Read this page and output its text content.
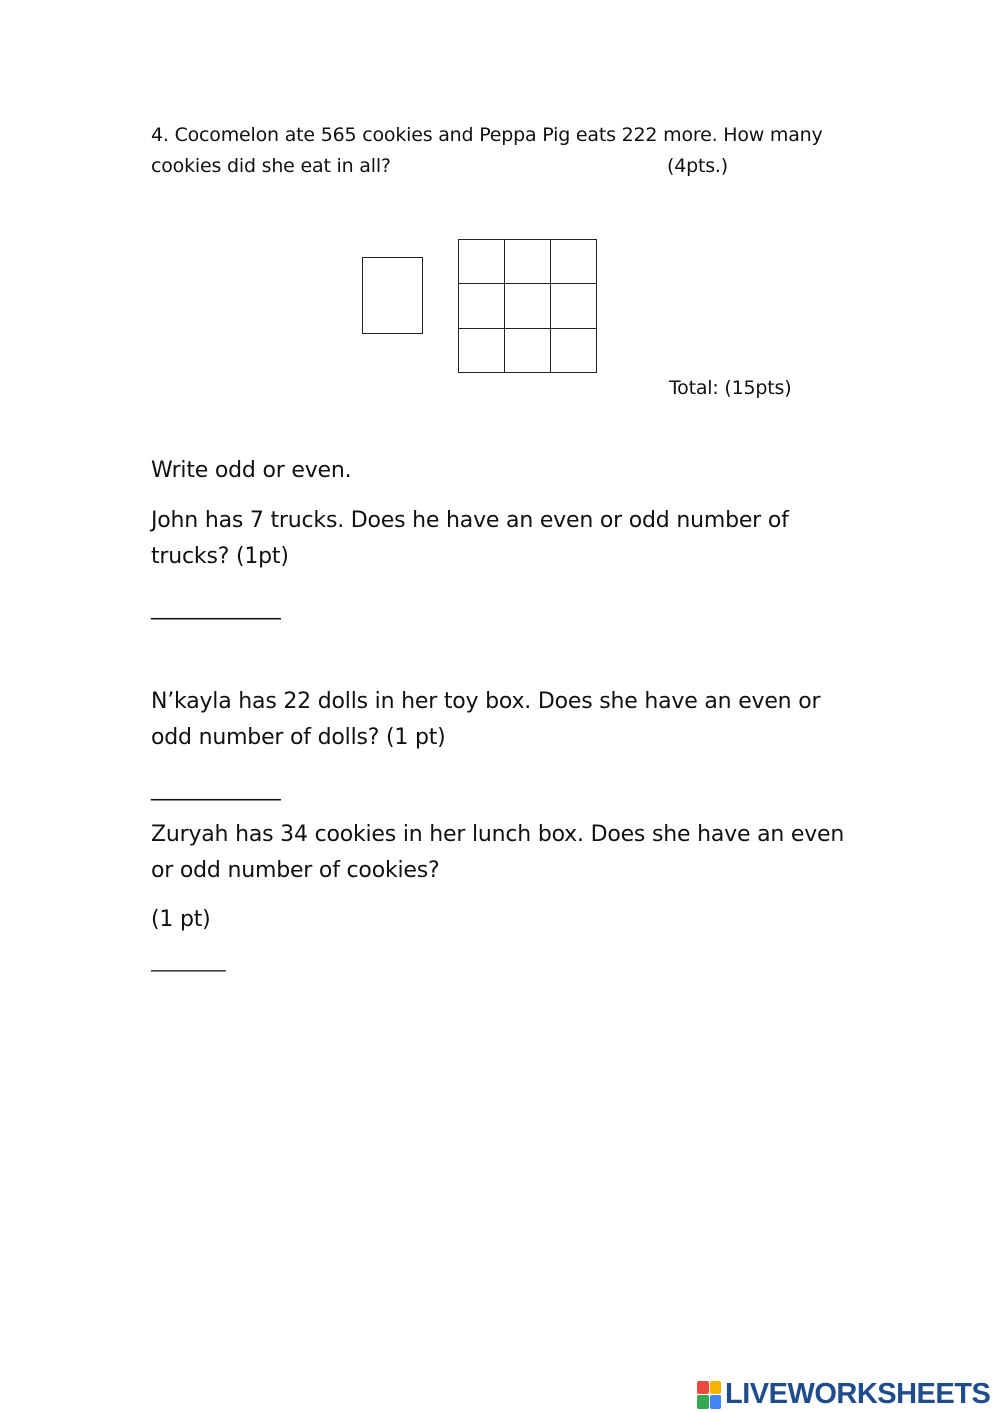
4. Cocomelon ate 565 cookies and Peppa Pig eats 222 more. How many
cookies did she eat in all?	(4pts.)
Total: (15pts)
Write odd or even.
John has 7 trucks. Does he have an even or odd number of
trucks? (1pt)
____________
N’kayla has 22 dolls in her toy box. Does she have an even or
odd number of dolls? (1 pt)
____________
Zuryah has 34 cookies in her lunch box. Does she have an even
or odd number of cookies?
(1 pt)
________
LIVEWORKSHEETS
